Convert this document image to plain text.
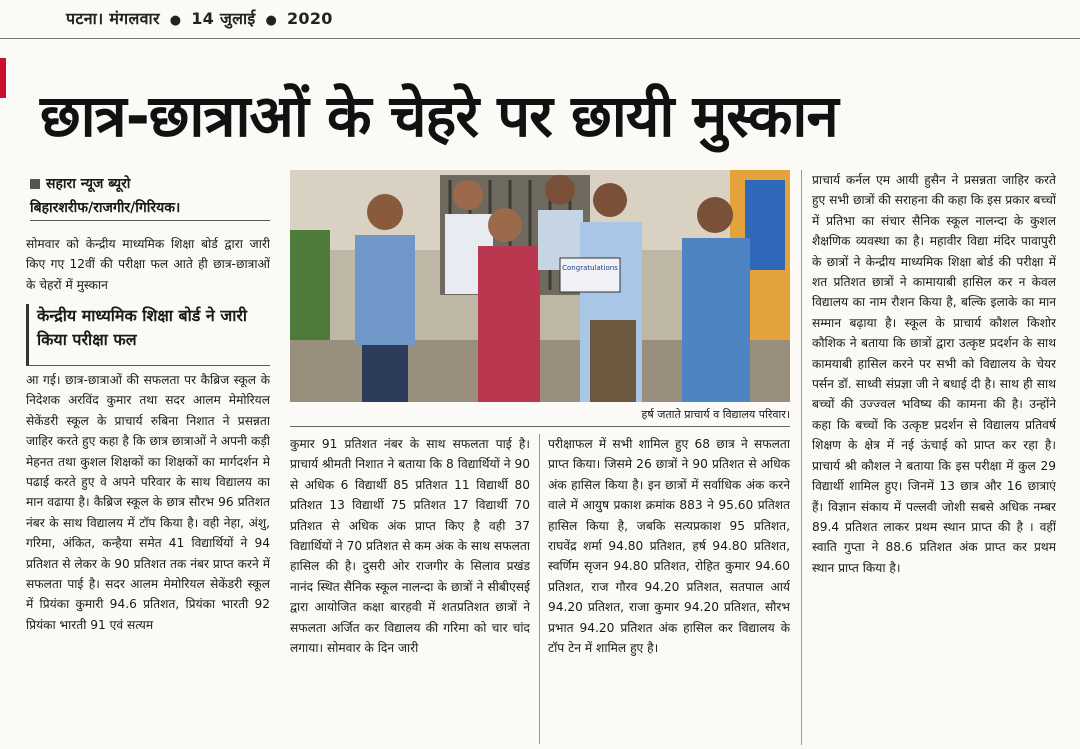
पटना। मंगलवार ● 14 जुलाई ● 2020
छात्र-छात्राओं के चेहरे पर छायी मुस्कान
सहारा न्यूज ब्यूरो
बिहारशरीफ/राजगीर/गिरियक।

सोमवार को केन्द्रीय माध्यमिक शिक्षा बोर्ड द्वारा जारी किए गए 12वीं की परीक्षा फल आते ही छात्र-छात्राओं के चेहरों में मुस्कान

केन्द्रीय माध्यमिक शिक्षा बोर्ड ने जारी किया परीक्षा फल

आ गई। छात्र-छात्राओं की सफलता पर कैब्रिज स्कूल के निदेशक अरविंद कुमार तथा सदर आलम मेमोरियल सेकेंडरी स्कूल के प्राचार्य रुबिना निशात ने प्रसन्नता जाहिर करते हुए कहा है कि छात्र छात्राओं ने अपनी कड़ी मेहनत तथा कुशल शिक्षकों का शिक्षकों का मार्गदर्शन मे पढाई करते हुए वे अपने परिवार के साथ विद्यालय का मान वढाया है। कैब्रिज स्कूल के छात्र सौरभ 96 प्रतिशत नंबर के साथ विद्यालय में टॉप किया है। वही नेहा, अंशु, गरिमा, अंकित, कन्हैया समेत 41 विद्यार्थियों ने 94 प्रतिशत से लेकर के 90 प्रतिशत तक नंबर प्राप्त करने में सफलता पाई है। सदर आलम मेमोरियल सेकेंडरी स्कूल में प्रियंका कुमारी 94.6 प्रतिशत, प्रियंका भारती 92 प्रियंका भारती 91 एवं सत्यम

Congratulations
हर्ष जताते प्राचार्य व विद्यालय परिवार।

कुमार 91 प्रतिशत नंबर के साथ सफलता पाई है। प्राचार्य श्रीमती निशात ने बताया कि 8 विद्यार्थियों ने 90 से अधिक 6 विद्यार्थी 85 प्रतिशत 11 विद्यार्थी 80 प्रतिशत 13 विद्यार्थी 75 प्रतिशत 17 विद्यार्थी 70 प्रतिशत से अधिक अंक प्राप्त किए है वही 37 विद्यार्थियों ने 70 प्रतिशत से कम अंक के साथ सफलता हासिल की है। दुसरी ओर राजगीर के सिलाव प्रखंड नानंद स्थित सैनिक स्कूल नालन्दा के छात्रों ने सीबीएसई द्वारा आयोजित कक्षा बारहवी में शतप्रतिशत छात्रों ने सफलता अर्जित कर विद्यालय की गरिमा को चार चांद लगाया। सोमवार के दिन जारी

परीक्षाफल में सभी शामिल हुए 68 छात्र ने सफलता प्राप्त किया। जिसमे 26 छात्रों ने 90 प्रतिशत से अधिक अंक हासिल किया है। इन छात्रों में सर्वाधिक अंक करने वाले में आयुष प्रकाश क्रमांक 883 ने 95.60 प्रतिशत हासिल किया है, जबकि सत्यप्रकाश 95 प्रतिशत, राघवेंद्र शर्मा 94.80 प्रतिशत, हर्ष 94.80 प्रतिशत, स्वर्णिम सृजन 94.80 प्रतिशत, रोहित कुमार 94.60 प्रतिशत, राज गौरव 94.20 प्रतिशत, सतपाल आर्य 94.20 प्रतिशत, राजा कुमार 94.20 प्रतिशत, सौरभ प्रभात 94.20 प्रतिशत अंक हासिल कर विद्यालय के टॉप टेन में शामिल हुए है।

प्राचार्य कर्नल एम आयी हुसैन ने प्रसन्नता जाहिर करते हुए सभी छात्रों की सराहना की कहा कि इस प्रकार बच्चों में प्रतिभा का संचार सैनिक स्कूल नालन्दा के कुशल शैक्षणिक व्यवस्था का है। महावीर विद्या मंदिर पावापुरी के छात्रों ने केन्द्रीय माध्यमिक शिक्षा बोर्ड की परीक्षा में शत प्रतिशत छात्रों ने कामायाबी हासिल कर न केवल विद्यालय का नाम रौशन किया है, बल्कि इलाके का मान सम्मान बढ़ाया है। स्कूल के प्राचार्य कौशल किशोर कौशिक ने बताया कि छात्रों द्वारा उत्कृष्ट प्रदर्शन के साथ कामयाबी हासिल करने पर सभी को विद्यालय के चेयर पर्सन डॉ. साध्वी संप्रज्ञा जी ने बधाई दी है। साथ ही साथ बच्चों की उज्ज्वल भविष्य की कामना की है। उन्होंने कहा कि बच्चों कि उत्कृष्ट प्रदर्शन से विद्यालय प्रतिवर्ष शिक्षण के क्षेत्र में नई ऊंचाई को प्राप्त कर रहा है। प्राचार्य श्री कौशल ने बताया कि इस परीक्षा में कुल 29 विद्यार्थी शामिल हुए। जिनमें 13 छात्र और 16 छात्राएं हैं। विज्ञान संकाय में पल्लवी जोशी सबसे अधिक नम्बर 89.4 प्रतिशत लाकर प्रथम स्थान प्राप्त की है । वहीं स्वाति गुप्ता ने 88.6 प्रतिशत अंक प्राप्त कर प्रथम स्थान प्राप्त किया है।
